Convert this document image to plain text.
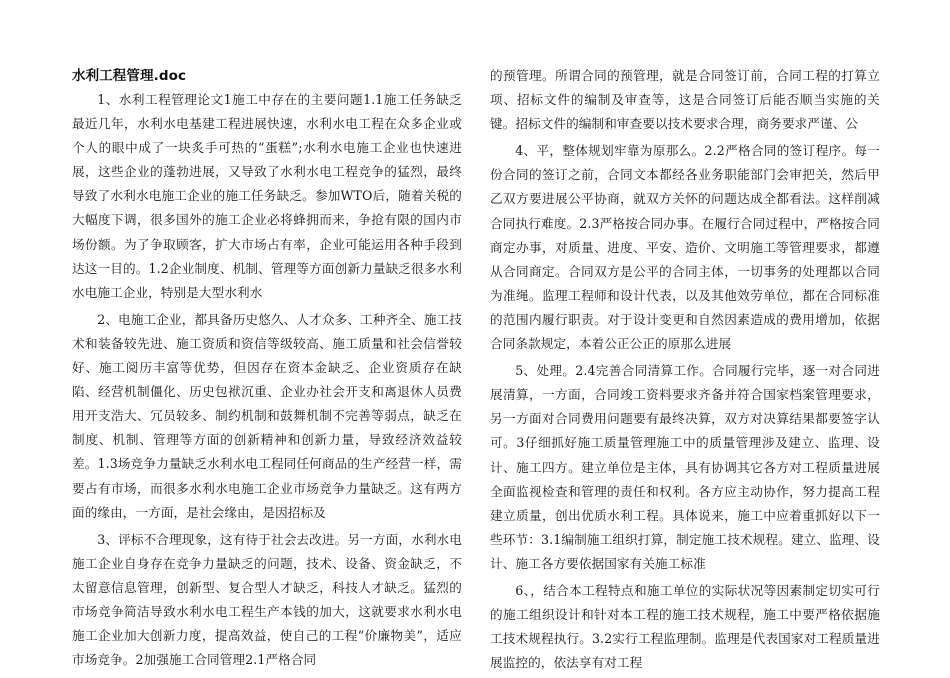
水利工程管理.doc

1、水利工程管理论文1施工中存在的主要问题1.1施工任务缺乏最近几年，水利水电基建工程进展快速，水利水电工程在众多企业或个人的眼中成了一块炙手可热的“蛋糕”;水利水电施工企业也快速进展，这些企业的蓬勃进展，又导致了水利水电工程竞争的猛烈，最终导致了水利水电施工企业的施工任务缺乏。参加WTO后，随着关税的大幅度下调，很多国外的施工企业必将蜂拥而来，争抢有限的国内市场份额。为了争取顾客，扩大市场占有率，企业可能运用各种手段到达这一目的。1.2企业制度、机制、管理等方面创新力量缺乏很多水利水电施工企业，特别是大型水利水

2、电施工企业，都具备历史悠久、人才众多、工种齐全、施工技术和装备较先进、施工资质和资信等级较高、施工质量和社会信誉较好、施工阅历丰富等优势，但因存在资本金缺乏、企业资质存在缺陷、经营机制僵化、历史包袱沉重、企业办社会开支和离退休人员费用开支浩大、冗员较多、制约机制和鼓舞机制不完善等弱点，缺乏在制度、机制、管理等方面的创新精神和创新力量，导致经济效益较差。1.3场竞争力量缺乏水利水电工程同任何商品的生产经营一样，需要占有市场，而很多水利水电施工企业市场竞争力量缺乏。这有两方面的缘由，一方面，是社会缘由，是因招标及

3、评标不合理现象，这有待于社会去改进。另一方面，水利水电施工企业自身存在竞争力量缺乏的问题，技术、设备、资金缺乏，不太留意信息管理，创新型、复合型人才缺乏，科技人才缺乏。猛烈的市场竞争简洁导致水利水电工程生产本钱的加大，这就要求水利水电施工企业加大创新力度，提高效益，使自己的工程“价廉物美”，适应市场竞争。2加强施工合同管理2.1严格合同

的预管理。所谓合同的预管理，就是合同签订前，合同工程的打算立项、招标文件的编制及审查等，这是合同签订后能否顺当实施的关键。招标文件的编制和审查要以技术要求合理，商务要求严谨、公

4、平，整体规划牢靠为原那么。2.2严格合同的签订程序。每一份合同的签订之前，合同文本都经各业务职能部门会审把关，然后甲乙双方要进展公平协商，就双方关怀的问题达成全都看法。这样削减合同执行难度。2.3严格按合同办事。在履行合同过程中，严格按合同商定办事，对质量、进度、平安、造价、文明施工等管理要求，都遵从合同商定。合同双方是公平的合同主体，一切事务的处理都以合同为准绳。监理工程师和设计代表，以及其他效劳单位，都在合同标准的范围内履行职责。对于设计变更和自然因素造成的费用增加，依据合同条款规定，本着公正公正的原那么进展

5、处理。2.4完善合同清算工作。合同履行完毕，逐一对合同进展清算，一方面，合同竣工资料要求齐备并符合国家档案管理要求，另一方面对合同费用问题要有最终决算，双方对决算结果都要签字认可。3仔细抓好施工质量管理施工中的质量管理涉及建立、监理、设计、施工四方。建立单位是主体，具有协调其它各方对工程质量进展全面监视检查和管理的责任和权利。各方应主动协作，努力提高工程建立质量，创出优质水利工程。具体说来，施工中应着重抓好以下一些环节：3.1编制施工组织打算，制定施工技术规程。建立、监理、设计、施工各方要依据国家有关施工标准

6、，结合本工程特点和施工单位的实际状况等因素制定切实可行的施工组织设计和针对本工程的施工技术规程，施工中要严格依据施工技术规程执行。3.2实行工程监理制。监理是代表国家对工程质量进展监控的，依法享有对工程
